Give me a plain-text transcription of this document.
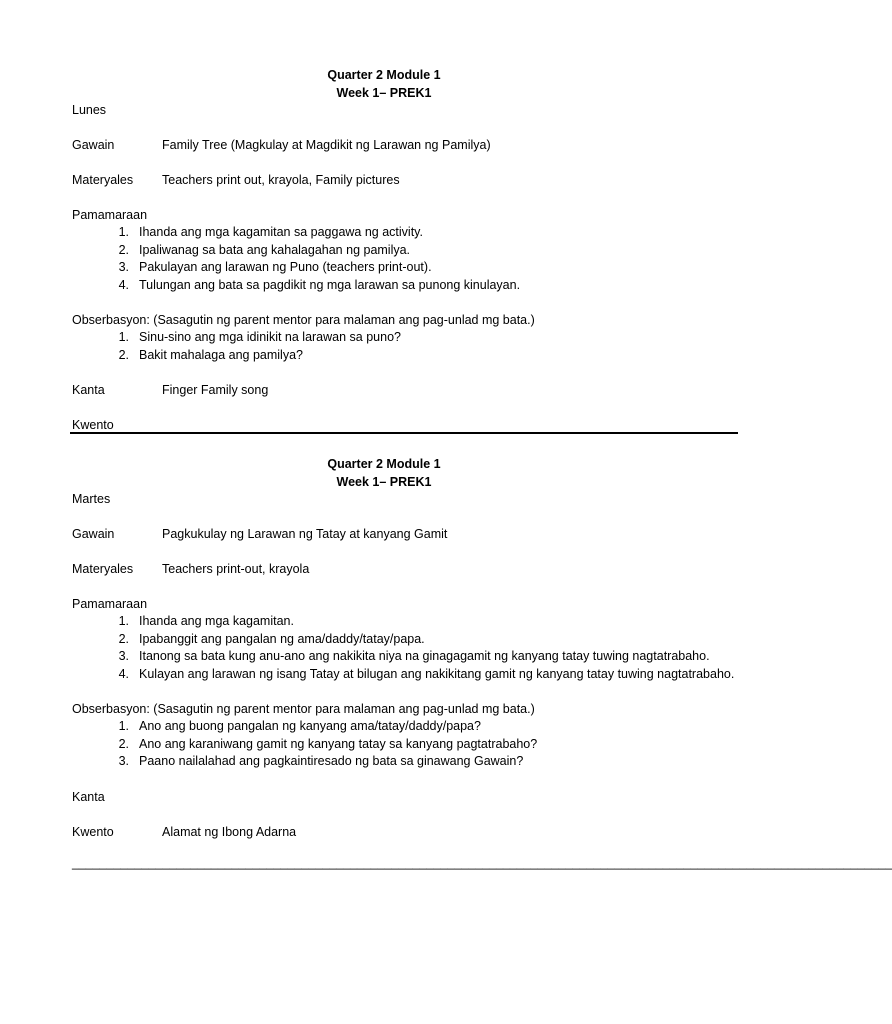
Quarter 2 Module 1
Week 1– PREK1
Lunes
Gawain	Family Tree (Magkulay at Magdikit ng Larawan ng Pamilya)
Materyales	Teachers print out, krayola, Family pictures
Pamamaraan
1. Ihanda ang mga kagamitan sa paggawa ng activity.
2. Ipaliwanag sa bata ang kahalagahan ng pamilya.
3. Pakulayan ang larawan ng Puno (teachers print-out).
4. Tulungan ang bata sa pagdikit ng mga larawan sa punong kinulayan.
Obserbasyon: (Sasagutin ng parent mentor para malaman ang pag-unlad mg bata.)
1. Sinu-sino ang mga idinikit na larawan sa puno?
2. Bakit mahalaga ang pamilya?
Kanta	Finger Family song
Kwento
Quarter 2 Module 1
Week 1– PREK1
Martes
Gawain	Pagkukulay ng Larawan ng Tatay at kanyang Gamit
Materyales	Teachers print-out, krayola
Pamamaraan
1. Ihanda ang mga kagamitan.
2. Ipabanggit ang pangalan ng ama/daddy/tatay/papa.
3. Itanong sa bata kung anu-ano ang nakikita niya na ginagagamit ng kanyang tatay tuwing nagtatrabaho.
4. Kulayan ang larawan ng isang Tatay at bilugan ang nakikitang gamit ng kanyang tatay tuwing nagtatrabaho.
Obserbasyon: (Sasagutin ng parent mentor para malaman ang pag-unlad mg bata.)
1. Ano ang buong pangalan ng kanyang ama/tatay/daddy/papa?
2. Ano ang karaniwang gamit ng kanyang tatay sa kanyang pagtatrabaho?
3. Paano nailalahad ang pagkaintiresado ng bata sa ginawang Gawain?
Kanta
Kwento	Alamat ng Ibong Adarna
______________________________________________________________________________________________________________________
